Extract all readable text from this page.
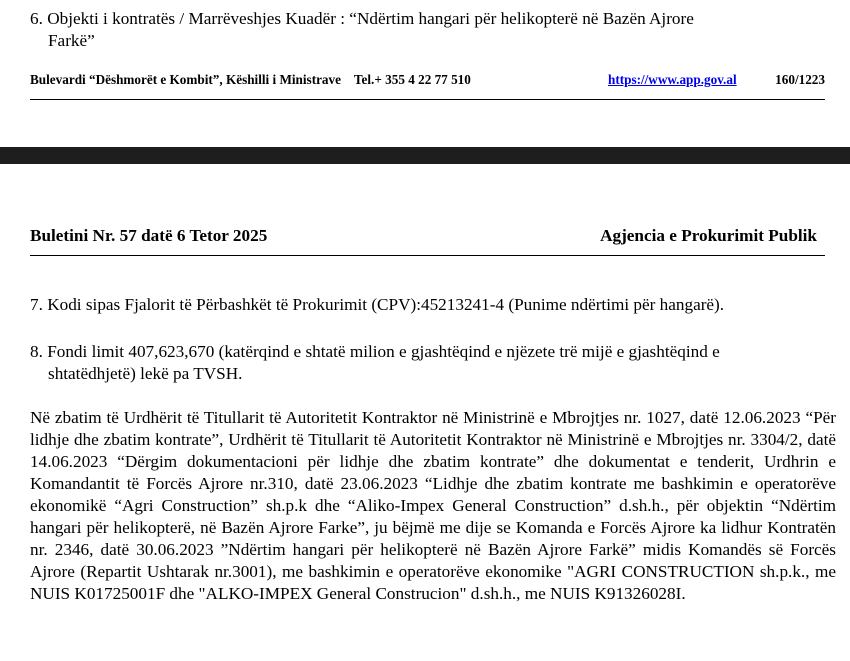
6. Objekti i kontratës / Marrëveshjes Kuadër : “Ndërtim hangari për helikopterë në Bazën Ajrore
Farkë”
Bulevardi “Dëshmorët e Kombit”, Këshilli i Ministrave    Tel.+ 355 4 22 77 510	https://www.app.gov.al	160/1223
Buletini Nr. 57 datë 6 Tetor 2025	Agjencia e Prokurimit Publik
7. Kodi sipas Fjalorit të Përbashkët të Prokurimit (CPV):45213241-4 (Punime ndërtimi për hangarë).
8. Fondi limit 407,623,670 (katërqind e shtatë milion e gjashtëqind e njëzete trë mijë e gjashtëqind e
shtatëdhjetë) lekë pa TVSH.
Në zbatim të Urdhërit të Titullarit të Autoritetit Kontraktor në Ministrinë e Mbrojtjes nr. 1027, datë 12.06.2023 “Për lidhje dhe zbatim kontrate”, Urdhërit të Titullarit të Autoritetit Kontraktor në Ministrinë e Mbrojtjes nr. 3304/2, datë 14.06.2023 “Dërgim dokumentacioni për lidhje dhe zbatim kontrate” dhe dokumentat e tenderit, Urdhrin e Komandantit të Forcës Ajrore nr.310, datë 23.06.2023 “Lidhje dhe zbatim kontrate me bashkimin e operatorëve ekonomikë “Agri Construction” sh.p.k dhe “Aliko-Impex General Construction” d.sh.h., për objektin “Ndërtim hangari për helikopterë, në Bazën Ajrore Farke”, ju bëjmë me dije se Komanda e Forcës Ajrore ka lidhur Kontratën nr. 2346, datë 30.06.2023 ”Ndërtim hangari për helikopterë në Bazën Ajrore Farkë” midis Komandës së Forcës Ajrore (Repartit Ushtarak nr.3001), me bashkimin e operatorëve ekonomike "AGRI CONSTRUCTION sh.p.k., me NUIS K01725001F dhe "ALKO-IMPEX General Construcion" d.sh.h., me NUIS K91326028I.
